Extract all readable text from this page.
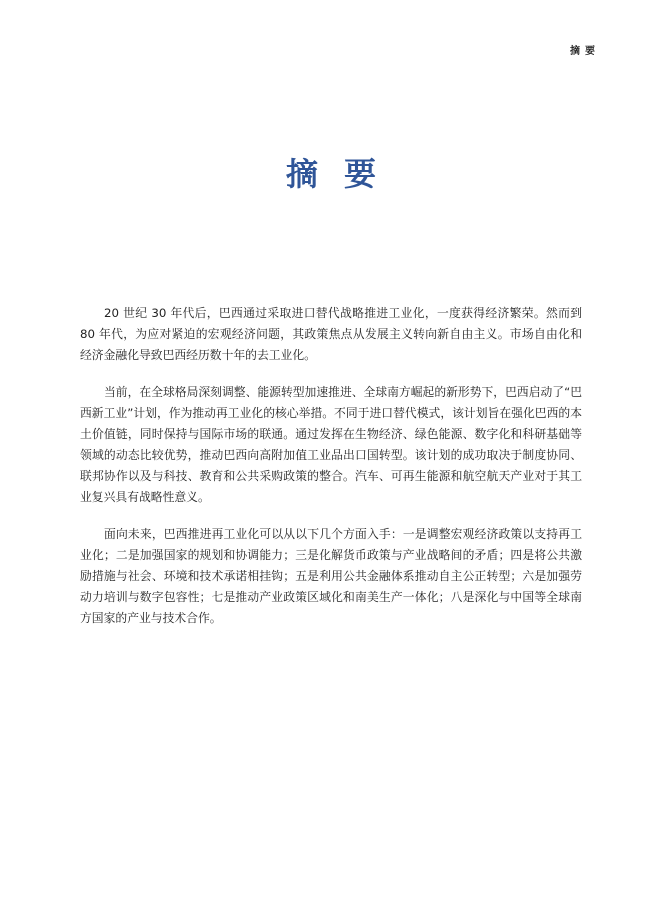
摘要

摘要

20 世纪 30 年代后，巴西通过采取进口替代战略推进工业化，一度获得经济繁荣。然而到 80 年代，为应对紧迫的宏观经济问题，其政策焦点从发展主义转向新自由主义。市场自由化和经济金融化导致巴西经历数十年的去工业化。

当前，在全球格局深刻调整、能源转型加速推进、全球南方崛起的新形势下，巴西启动了“巴西新工业”计划，作为推动再工业化的核心举措。不同于进口替代模式，该计划旨在强化巴西的本土价值链，同时保持与国际市场的联通。通过发挥在生物经济、绿色能源、数字化和科研基础等领域的动态比较优势，推动巴西向高附加值工业品出口国转型。该计划的成功取决于制度协同、联邦协作以及与科技、教育和公共采购政策的整合。汽车、可再生能源和航空航天产业对于其工业复兴具有战略性意义。

面向未来，巴西推进再工业化可以从以下几个方面入手：一是调整宏观经济政策以支持再工业化；二是加强国家的规划和协调能力；三是化解货币政策与产业战略间的矛盾；四是将公共激励措施与社会、环境和技术承诺相挂钩；五是利用公共金融体系推动自主公正转型；六是加强劳动力培训与数字包容性；七是推动产业政策区域化和南美生产一体化；八是深化与中国等全球南方国家的产业与技术合作。
